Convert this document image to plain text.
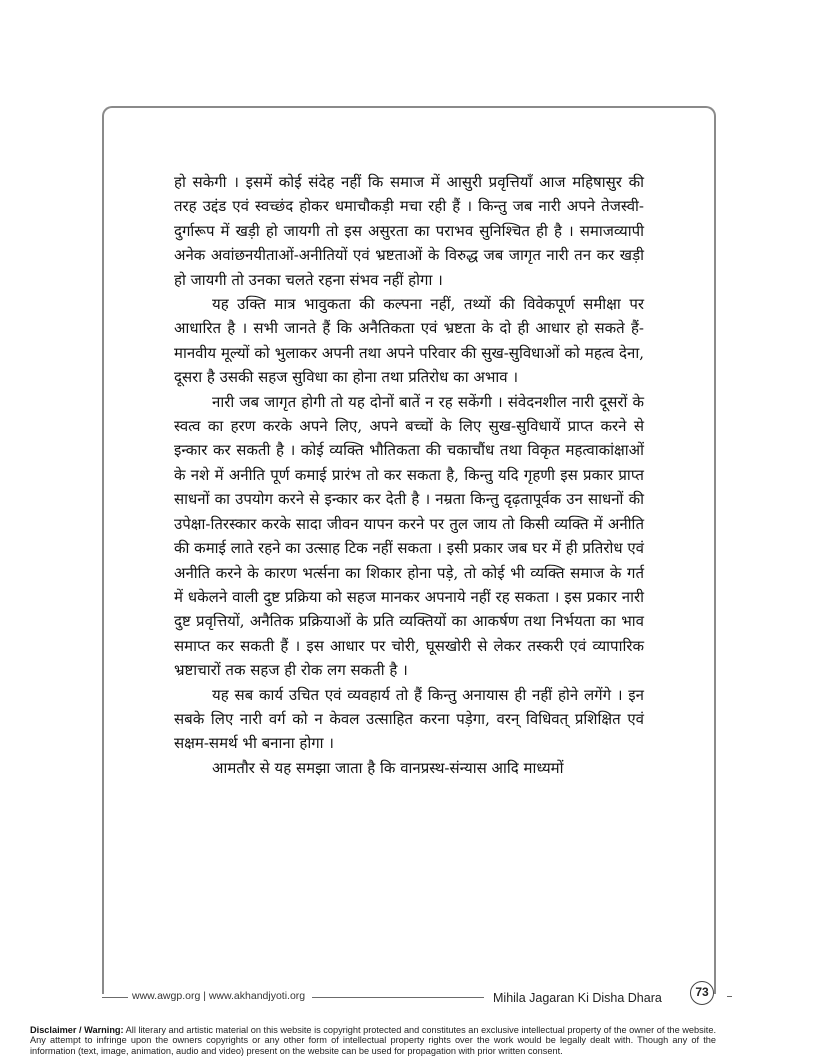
हो सकेगी । इसमें कोई संदेह नहीं कि समाज में आसुरी प्रवृत्तियाँ आज महिषासुर की तरह उद्दंड एवं स्वच्छंद होकर धमाचौकड़ी मचा रही हैं । किन्तु जब नारी अपने तेजस्वी-दुर्गारूप में खड़ी हो जायगी तो इस असुरता का पराभव सुनिश्चित ही है । समाजव्यापी अनेक अवांछनयीताओं-अनीतियों एवं भ्रष्टताओं के विरुद्ध जब जागृत नारी तन कर खड़ी हो जायगी तो उनका चलते रहना संभव नहीं होगा ।

यह उक्ति मात्र भावुकता की कल्पना नहीं, तथ्यों की विवेकपूर्ण समीक्षा पर आधारित है । सभी जानते हैं कि अनैतिकता एवं भ्रष्टता के दो ही आधार हो सकते हैं-मानवीय मूल्यों को भुलाकर अपनी तथा अपने परिवार की सुख-सुविधाओं को महत्व देना, दूसरा है उसकी सहज सुविधा का होना तथा प्रतिरोध का अभाव ।

नारी जब जागृत होगी तो यह दोनों बातें न रह सकेंगी । संवेदनशील नारी दूसरों के स्वत्व का हरण करके अपने लिए, अपने बच्चों के लिए सुख-सुविधायें प्राप्त करने से इन्कार कर सकती है । कोई व्यक्ति भौतिकता की चकाचौंध तथा विकृत महत्वाकांक्षाओं के नशे में अनीति पूर्ण कमाई प्रारंभ तो कर सकता है, किन्तु यदि गृहणी इस प्रकार प्राप्त साधनों का उपयोग करने से इन्कार कर देती है । नम्रता किन्तु दृढ़तापूर्वक उन साधनों की उपेक्षा-तिरस्कार करके सादा जीवन यापन करने पर तुल जाय तो किसी व्यक्ति में अनीति की कमाई लाते रहने का उत्साह टिक नहीं सकता । इसी प्रकार जब घर में ही प्रतिरोध एवं अनीति करने के कारण भर्त्सना का शिकार होना पड़े, तो कोई भी व्यक्ति समाज के गर्त में धकेलने वाली दुष्ट प्रक्रिया को सहज मानकर अपनाये नहीं रह सकता । इस प्रकार नारी दुष्ट प्रवृत्तियों, अनैतिक प्रक्रियाओं के प्रति व्यक्तियों का आकर्षण तथा निर्भयता का भाव समाप्त कर सकती हैं । इस आधार पर चोरी, घूसखोरी से लेकर तस्करी एवं व्यापारिक भ्रष्टाचारों तक सहज ही रोक लग सकती है ।

यह सब कार्य उचित एवं व्यवहार्य तो हैं किन्तु अनायास ही नहीं होने लगेंगे । इन सबके लिए नारी वर्ग को न केवल उत्साहित करना पड़ेगा, वरन् विधिवत् प्रशिक्षित एवं सक्षम-समर्थ भी बनाना होगा ।

आमतौर से यह समझा जाता है कि वानप्रस्थ-संन्यास आदि माध्यमों

www.awgp.org | www.akhandjyoti.org	Mihila Jagaran Ki Disha Dhara	73
Disclaimer / Warning: All literary and artistic material on this website is copyright protected and constitutes an exclusive intellectual property of the owner of the website. Any attempt to infringe upon the owners copyrights or any other form of intellectual property rights over the work would be legally dealt with. Though any of the information (text, image, animation, audio and video) present on the website can be used for propagation with prior written consent.
